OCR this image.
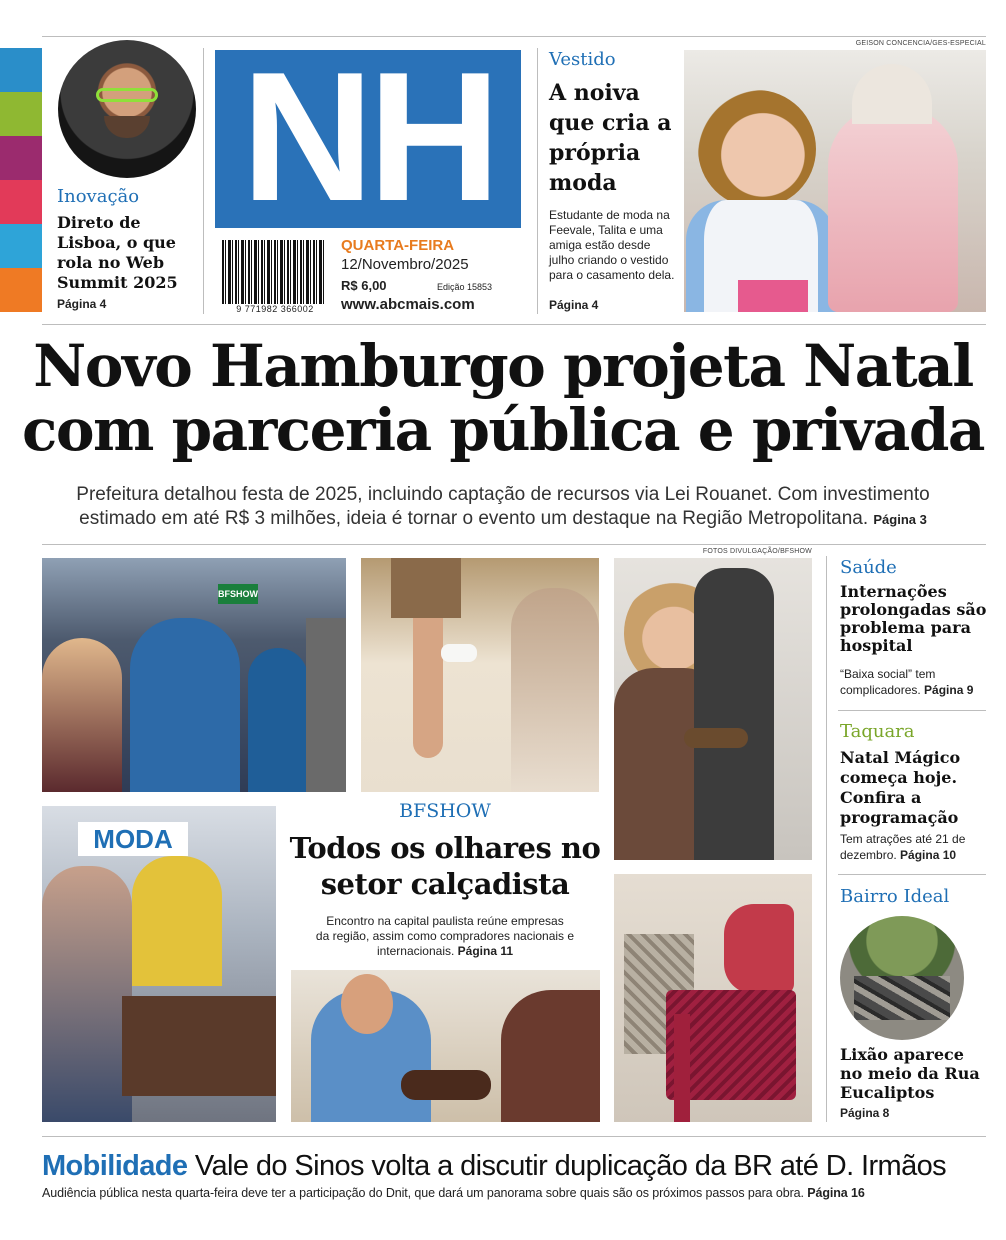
Inovação
Direto de Lisboa, o que rola no Web Summit 2025
Página 4
NH
9 771982 366002
QUARTA-FEIRA
12/Novembro/2025
R$ 6,00	Edição 15853
www.abcmais.com
Vestido
A noiva que cria a própria moda
Estudante de moda na Feevale, Talita e uma amiga estão desde julho criando o vestido para o casamento dela.
Página 4
GEISON CONCENCIA/GES-ESPECIAL
Novo Hamburgo projeta Natal
com parceria pública e privada
Prefeitura detalhou festa de 2025, incluindo captação de recursos via Lei Rouanet. Com investimento
estimado em até R$ 3 milhões, ideia é tornar o evento um destaque na Região Metropolitana. Página 3
FOTOS DIVULGAÇÃO/BFSHOW
BFSHOW
MODA
BFSHOW
Todos os olhares no
setor calçadista
Encontro na capital paulista reúne empresas
da região, assim como compradores nacionais e
internacionais. Página 11
Saúde
Internações prolongadas são problema para hospital
“Baixa social” tem complicadores. Página 9
Taquara
Natal Mágico começa hoje. Confira a programação
Tem atrações até 21 de dezembro. Página 10
Bairro Ideal
Lixão aparece no meio da Rua Eucaliptos
Página 8
Mobilidade Vale do Sinos volta a discutir duplicação da BR até D. Irmãos
Audiência pública nesta quarta-feira deve ter a participação do Dnit, que dará um panorama sobre quais são os próximos passos para obra. Página 16
